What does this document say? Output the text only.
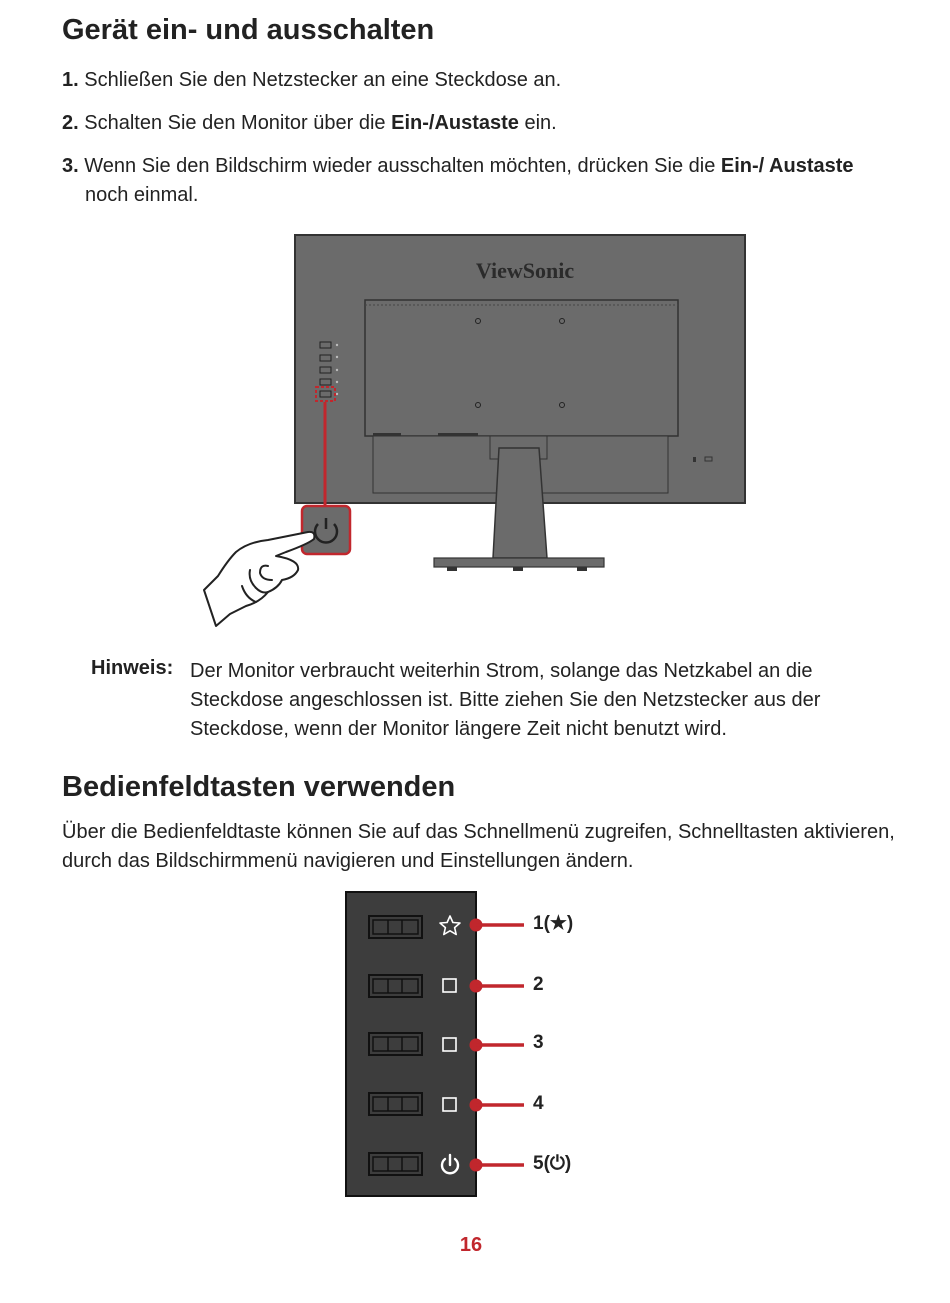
Gerät ein- und ausschalten
1. Schließen Sie den Netzstecker an eine Steckdose an.
2. Schalten Sie den Monitor über die Ein-/Austaste ein.
3. Wenn Sie den Bildschirm wieder ausschalten möchten, drücken Sie die Ein-/ Austaste noch einmal.
ViewSonic
Hinweis: Der Monitor verbraucht weiterhin Strom, solange das Netzkabel an die Steckdose angeschlossen ist. Bitte ziehen Sie den Netzstecker aus der Steckdose, wenn der Monitor längere Zeit nicht benutzt wird.
Bedienfeldtasten verwenden
Über die Bedienfeldtaste können Sie auf das Schnellmenü zugreifen, Schnelltasten aktivieren, durch das Bildschirmmenü navigieren und Einstellungen ändern.
1(★)
2
3
4
5(⏻)
16
